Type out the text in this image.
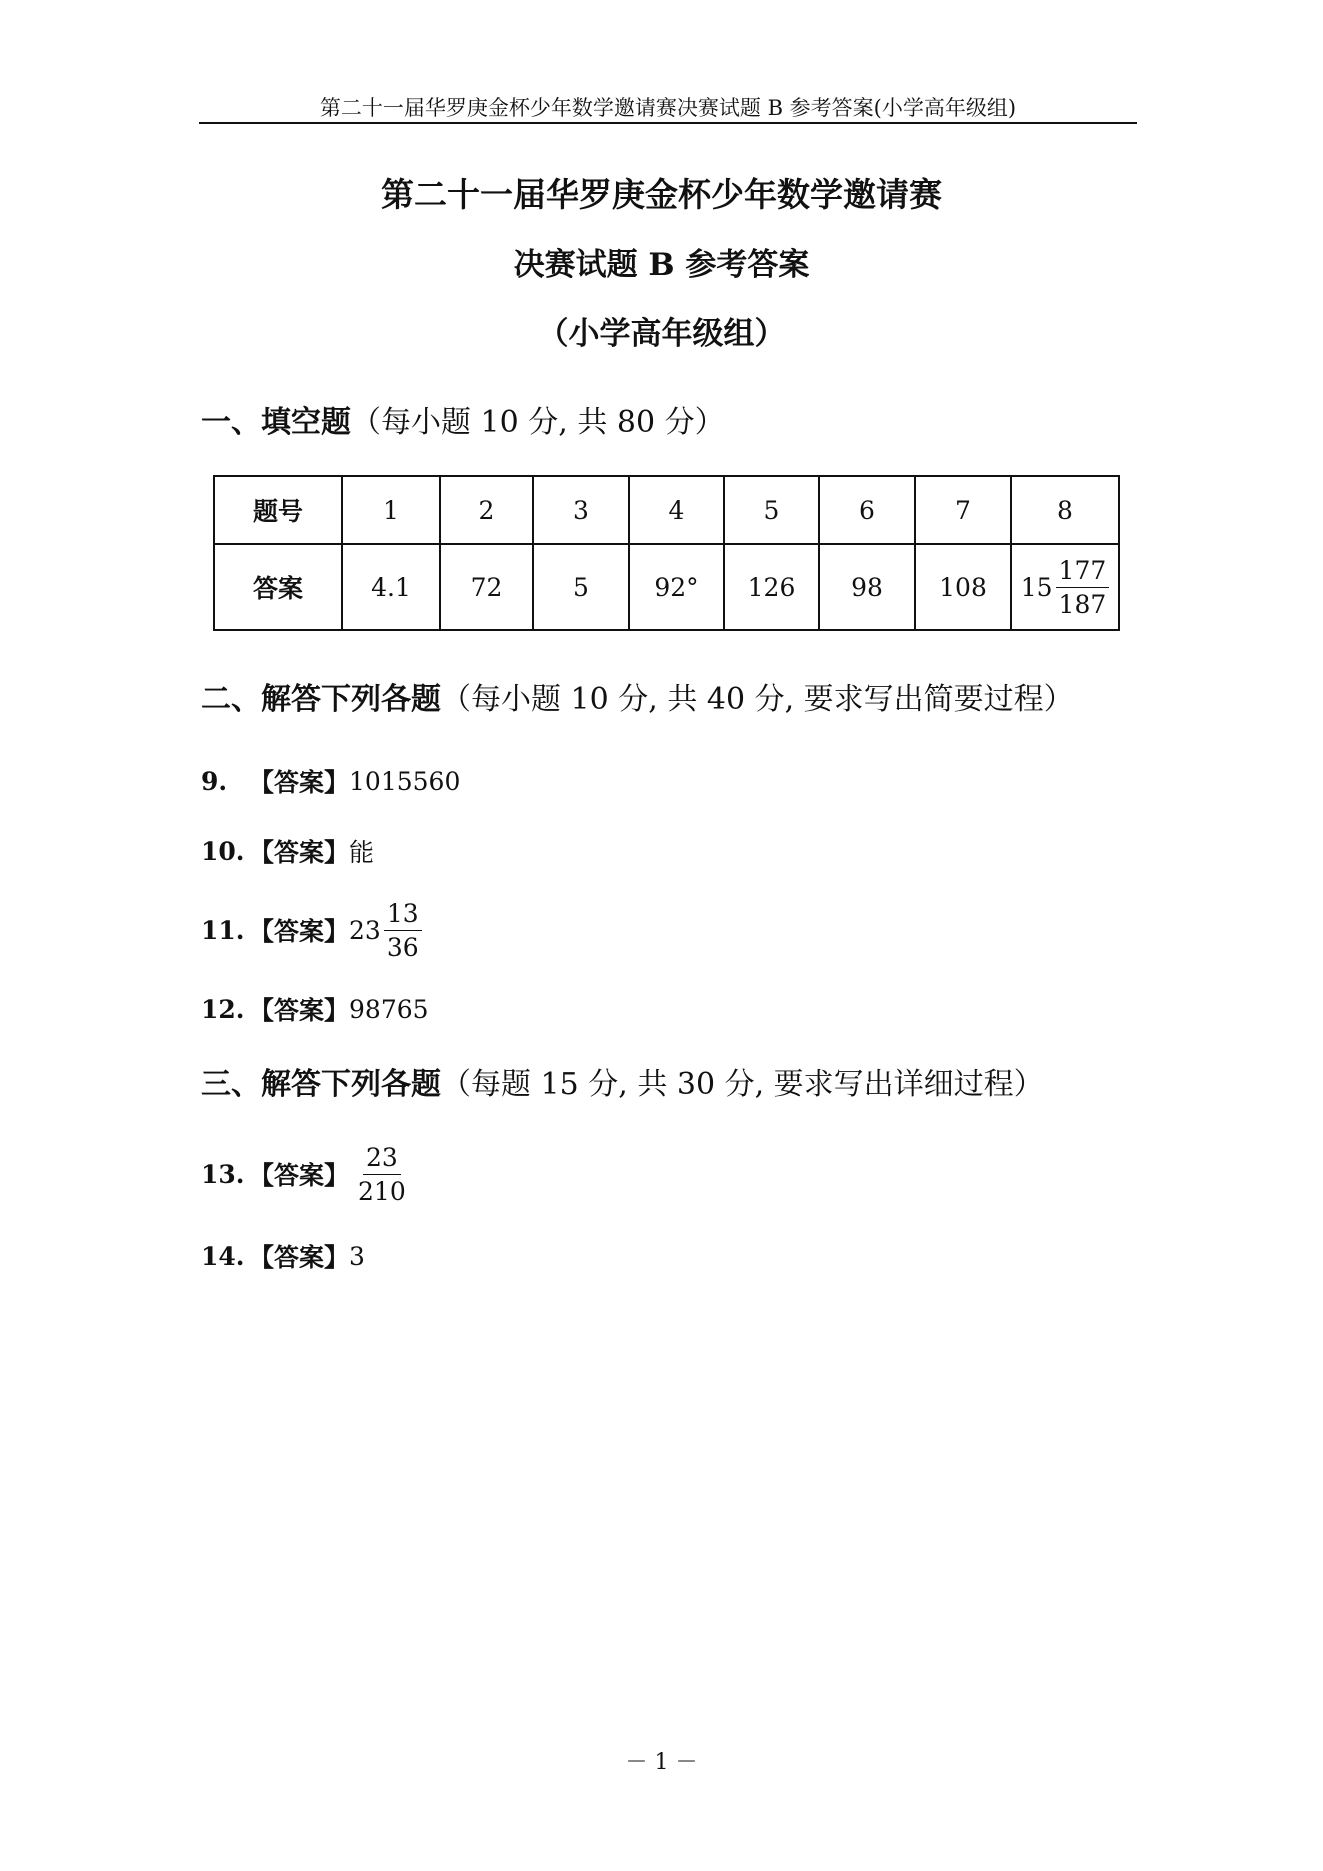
第二十一届华罗庚金杯少年数学邀请赛决赛试题 B 参考答案(小学高年级组)
第二十一届华罗庚金杯少年数学邀请赛
决赛试题 B 参考答案
（小学高年级组）
一、填空题（每小题 10 分, 共 80 分）
题号	1	2	3	4	5	6	7	8
答案	4.1	72	5	92°	126	98	108	$15 \frac{177}{187}$
二、解答下列各题（每小题 10 分, 共 40 分, 要求写出简要过程）
9. 【答案】 1015560
10. 【答案】 能
11. 【答案】 $23 \frac{13}{36}$
12. 【答案】 98765
三、解答下列各题（每题 15 分, 共 30 分, 要求写出详细过程）
13. 【答案】 $\frac{23}{210}$
14. 【答案】 3
－ 1 －
